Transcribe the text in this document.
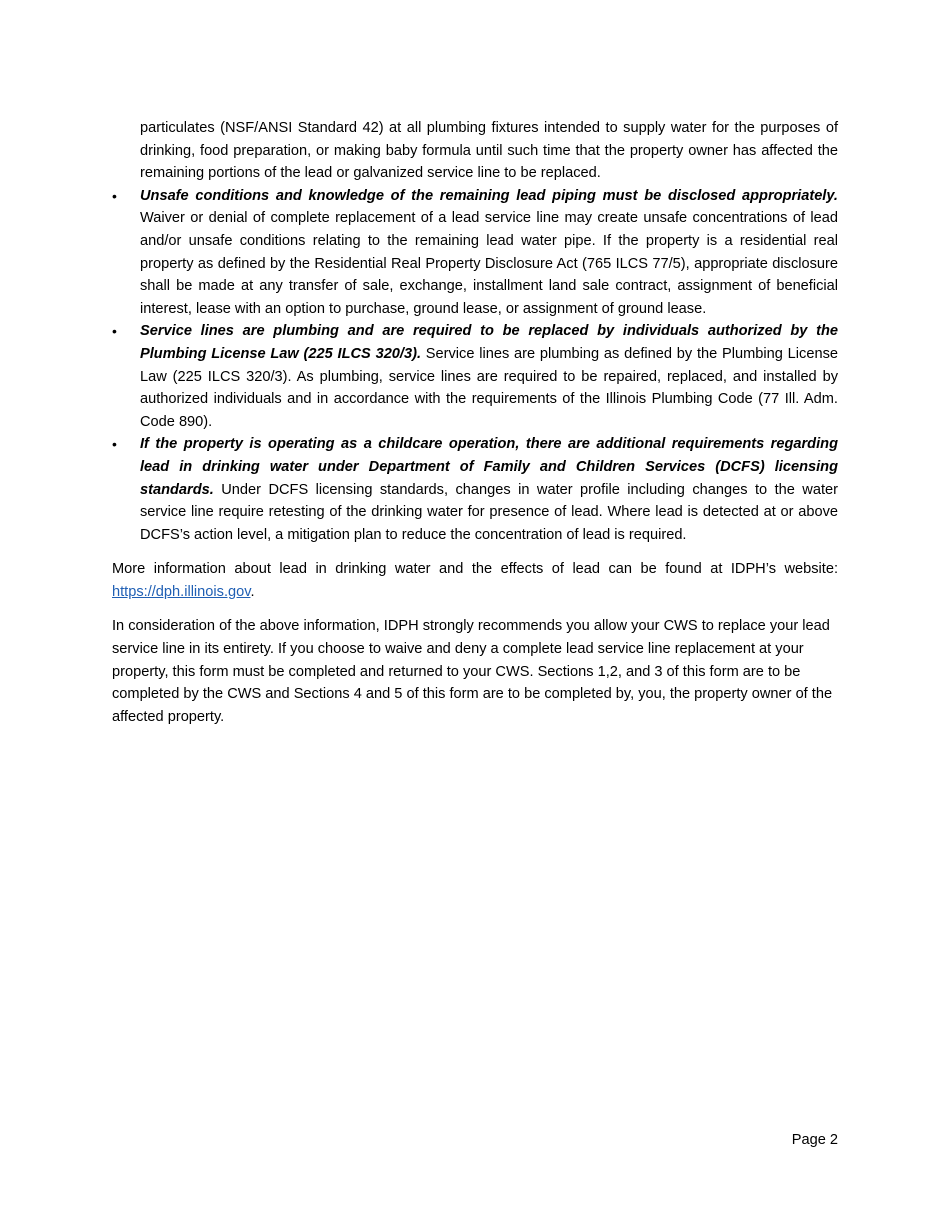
particulates (NSF/ANSI Standard 42) at all plumbing fixtures intended to supply water for the purposes of drinking, food preparation, or making baby formula until such time that the property owner has affected the remaining portions of the lead or galvanized service line to be replaced.

•	Unsafe conditions and knowledge of the remaining lead piping must be disclosed appropriately. Waiver or denial of complete replacement of a lead service line may create unsafe concentrations of lead and/or unsafe conditions relating to the remaining lead water pipe. If the property is a residential real property as defined by the Residential Real Property Disclosure Act (765 ILCS 77/5), appropriate disclosure shall be made at any transfer of sale, exchange, installment land sale contract, assignment of beneficial interest, lease with an option to purchase, ground lease, or assignment of ground lease.
•	Service lines are plumbing and are required to be replaced by individuals authorized by the Plumbing License Law (225 ILCS 320/3). Service lines are plumbing as defined by the Plumbing License Law (225 ILCS 320/3). As plumbing, service lines are required to be repaired, replaced, and installed by authorized individuals and in accordance with the requirements of the Illinois Plumbing Code (77 Ill. Adm. Code 890).
•	If the property is operating as a childcare operation, there are additional requirements regarding lead in drinking water under Department of Family and Children Services (DCFS) licensing standards. Under DCFS licensing standards, changes in water profile including changes to the water service line require retesting of the drinking water for presence of lead. Where lead is detected at or above DCFS’s action level, a mitigation plan to reduce the concentration of lead is required.

More information about lead in drinking water and the effects of lead can be found at IDPH’s website: https://dph.illinois.gov.

In consideration of the above information, IDPH strongly recommends you allow your CWS to replace your lead service line in its entirety. If you choose to waive and deny a complete lead service line replacement at your property, this form must be completed and returned to your CWS. Sections 1,2, and 3 of this form are to be completed by the CWS and Sections 4 and 5 of this form are to be completed by, you, the property owner of the affected property.

Page 2
